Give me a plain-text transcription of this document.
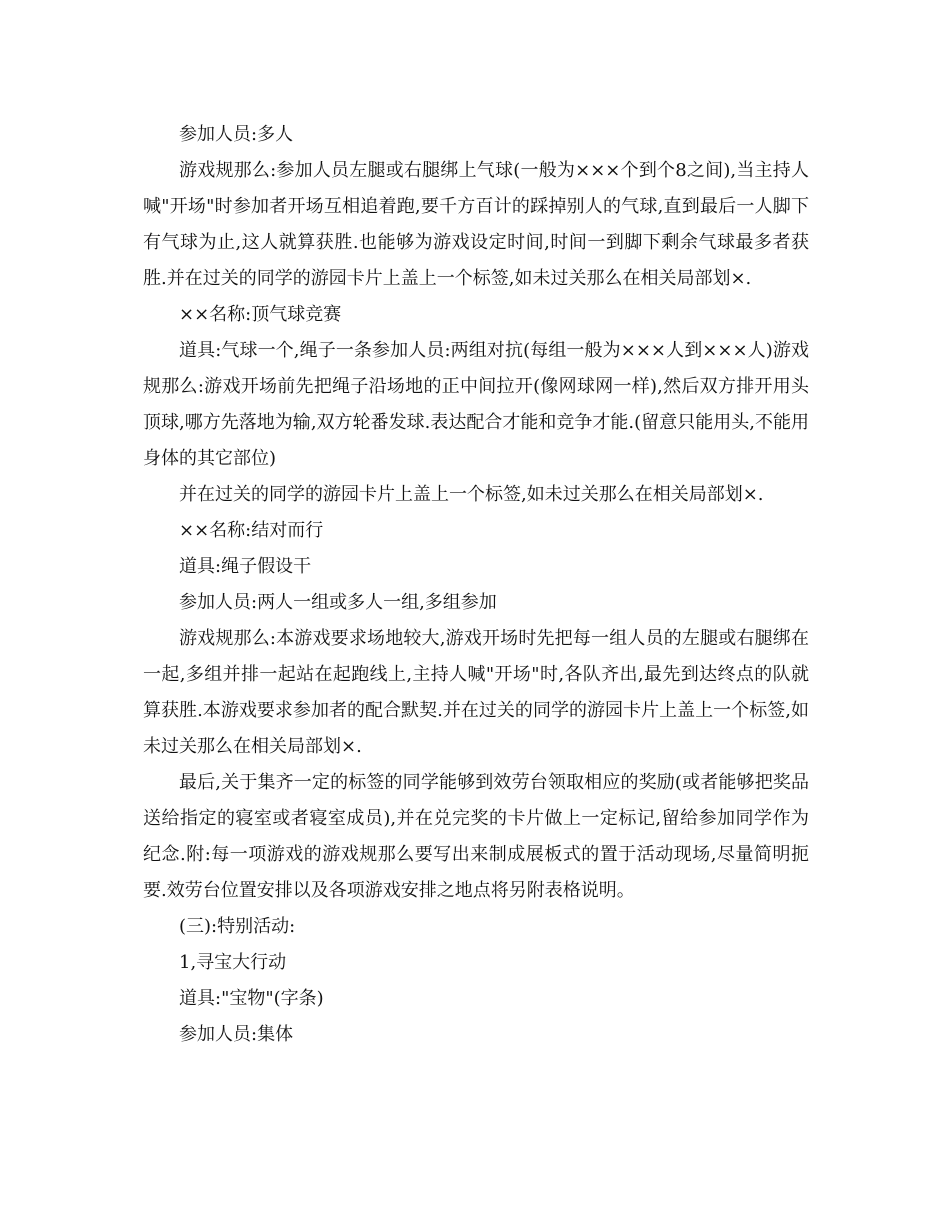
参加人员:多人

游戏规那么:参加人员左腿或右腿绑上气球(一般为×××个到个8之间),当主持人喊"开场"时参加者开场互相追着跑,要千方百计的踩掉别人的气球,直到最后一人脚下有气球为止,这人就算获胜.也能够为游戏设定时间,时间一到脚下剩余气球最多者获胜.并在过关的同学的游园卡片上盖上一个标签,如未过关那么在相关局部划×.

××名称:顶气球竞赛

道具:气球一个,绳子一条参加人员:两组对抗(每组一般为×××人到×××人)游戏规那么:游戏开场前先把绳子沿场地的正中间拉开(像网球网一样),然后双方排开用头顶球,哪方先落地为输,双方轮番发球.表达配合才能和竞争才能.(留意只能用头,不能用身体的其它部位)

并在过关的同学的游园卡片上盖上一个标签,如未过关那么在相关局部划×.

××名称:结对而行

道具:绳子假设干

参加人员:两人一组或多人一组,多组参加

游戏规那么:本游戏要求场地较大,游戏开场时先把每一组人员的左腿或右腿绑在一起,多组并排一起站在起跑线上,主持人喊"开场"时,各队齐出,最先到达终点的队就算获胜.本游戏要求参加者的配合默契.并在过关的同学的游园卡片上盖上一个标签,如未过关那么在相关局部划×.

最后,关于集齐一定的标签的同学能够到效劳台领取相应的奖励(或者能够把奖品送给指定的寝室或者寝室成员),并在兑完奖的卡片做上一定标记,留给参加同学作为纪念.附:每一项游戏的游戏规那么要写出来制成展板式的置于活动现场,尽量简明扼要.效劳台位置安排以及各项游戏安排之地点将另附表格说明。

(三):特别活动:

1,寻宝大行动

道具:"宝物"(字条)

参加人员:集体
